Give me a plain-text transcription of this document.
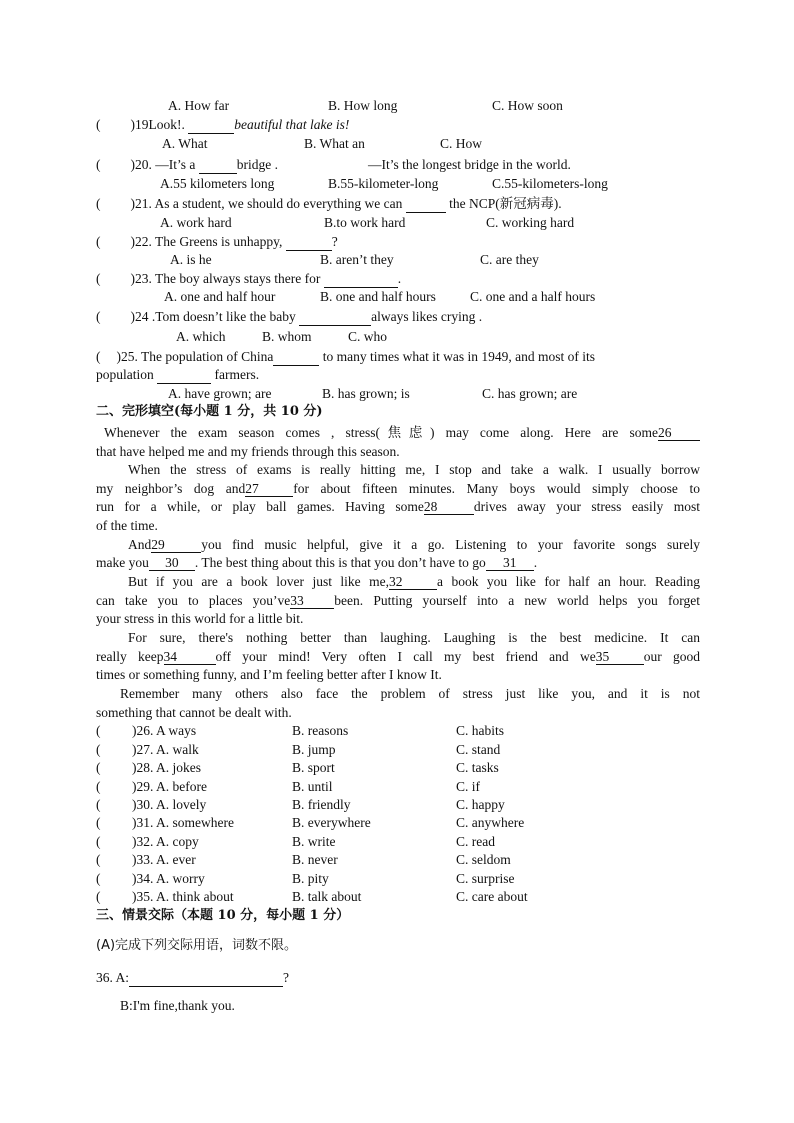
A. How far	B. How long	C. How soon
( )19Look!.	beautiful that lake is!
A. What	B. What an	C. How
( )20. —It’s a	bridge .	—It’s the longest bridge in the world.
A.55 kilometers long	B.55-kilometer-long	C.55-kilometers-long
( )21. As a student, we should do everything we can	the NCP(新冠病毒).
A. work hard	B.to work hard	C. working hard
( )22. The Greens is unhappy,	?
A. is he	B. aren’t they	C. are they
( )23. The boy always stays there for	.
A. one and half hour	B. one and half hours	C. one and a half hours
( )24 .Tom doesn’t like the baby	always likes crying .
A. which	B. whom	C. who
( )25. The population of China	to many times what it was in 1949, and most of its
population	farmers.
A. have grown; are	B. has grown; is	C. has grown; are
二、完形填空(每小题 1 分，共 10 分)
Whenever the exam season comes , stress(焦虑) may come along. Here are some26
that have helped me and my friends through this season.
When the stress of exams is really hitting me, I stop and take a walk. I usually borrow
my neighbor’s dog and27	for about fifteen minutes. Many boys would simply choose to
run for a while, or play ball games. Having some28	drives away your stress easily most
of the time.
And29	you find music helpful, give it a go. Listening to your favorite songs surely
make you 30 . The best thing about this is that you don’t have to go 31 .
But if you are a book lover just like me,32	a book you like for half an hour. Reading
can take you to places you’ve33 been. Putting yourself into a new world helps you forget
your stress in this world for a little bit.
For sure, there's nothing better than laughing. Laughing is the best medicine. It can
really keep34	off your mind! Very often I call my best friend and we35	our good
times or something funny, and I’m feeling better after I know It.
Remember many others also face the problem of stress just like you, and it is not
something that cannot be dealt with.
( )26. A ways	B. reasons	C. habits
( )27. A. walk	B. jump	C. stand
( )28. A. jokes	B. sport	C. tasks
( )29. A. before	B. until	C. if
( )30. A. lovely	B. friendly	C. happy
( )31. A. somewhere	B. everywhere	C. anywhere
( )32. A. copy	B. write	C. read
( )33. A. ever	B. never	C. seldom
( )34. A. worry	B. pity	C. surprise
( )35. A. think about	B. talk about	C. care about
三、情景交际（本题 10 分，每小题 1 分）
(A)完成下列交际用语，词数不限。
36. A:	?
B:I'm fine,thank you.
